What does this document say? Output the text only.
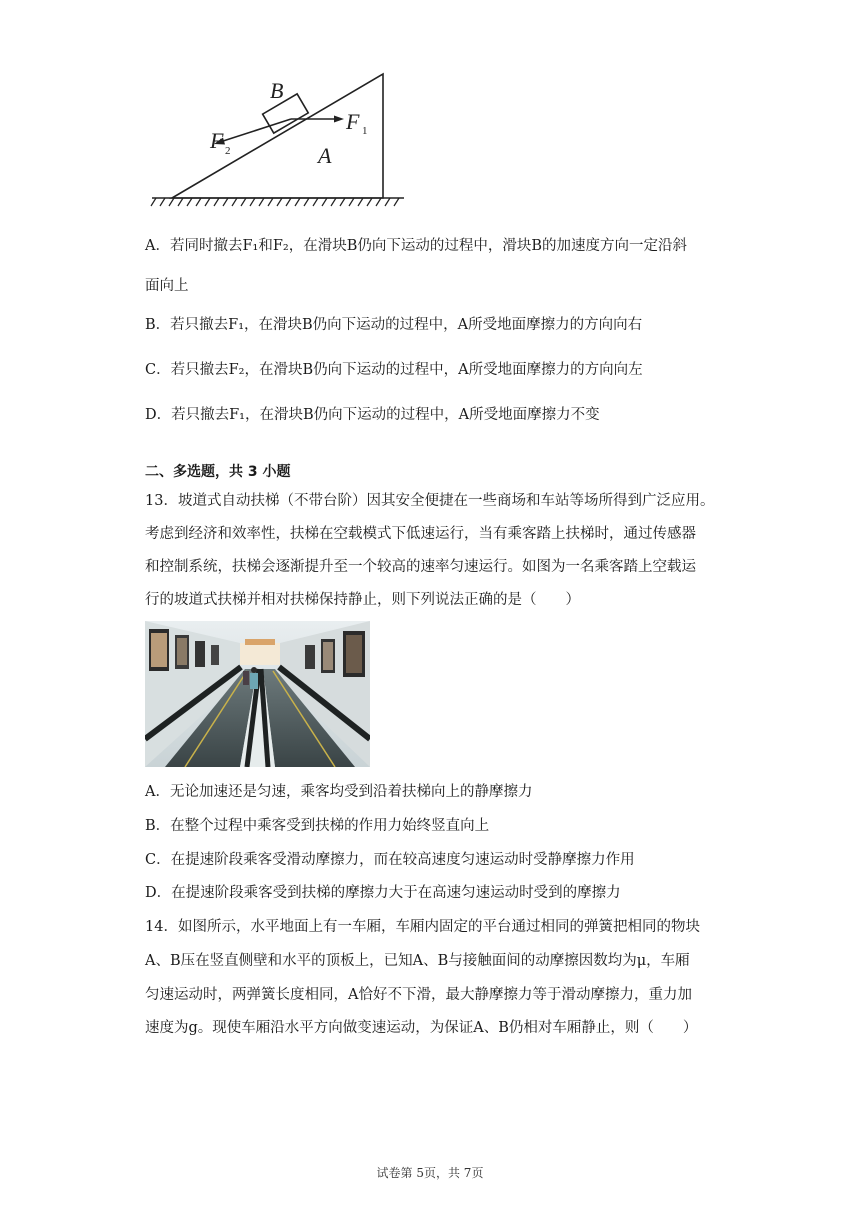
B
A
F 1
F 2
A．若同时撤去F₁和F₂，在滑块B仍向下运动的过程中，滑块B的加速度方向一定沿斜
面向上
B．若只撤去F₁，在滑块B仍向下运动的过程中，A所受地面摩擦力的方向向右
C．若只撤去F₂，在滑块B仍向下运动的过程中，A所受地面摩擦力的方向向左
D．若只撤去F₁，在滑块B仍向下运动的过程中，A所受地面摩擦力不变
二、多选题，共 3 小题
13．坡道式自动扶梯（不带台阶）因其安全便捷在一些商场和车站等场所得到广泛应用。
考虑到经济和效率性，扶梯在空载模式下低速运行，当有乘客踏上扶梯时，通过传感器
和控制系统，扶梯会逐渐提升至一个较高的速率匀速运行。如图为一名乘客踏上空载运
行的坡道式扶梯并相对扶梯保持静止，则下列说法正确的是（　　）
A．无论加速还是匀速，乘客均受到沿着扶梯向上的静摩擦力
B．在整个过程中乘客受到扶梯的作用力始终竖直向上
C．在提速阶段乘客受滑动摩擦力，而在较高速度匀速运动时受静摩擦力作用
D．在提速阶段乘客受到扶梯的摩擦力大于在高速匀速运动时受到的摩擦力
14．如图所示，水平地面上有一车厢，车厢内固定的平台通过相同的弹簧把相同的物块
A、B压在竖直侧壁和水平的顶板上，已知A、B与接触面间的动摩擦因数均为μ，车厢
匀速运动时，两弹簧长度相同，A恰好不下滑，最大静摩擦力等于滑动摩擦力，重力加
速度为g。现使车厢沿水平方向做变速运动，为保证A、B仍相对车厢静止，则（　　）
试卷第 5页，共 7页
